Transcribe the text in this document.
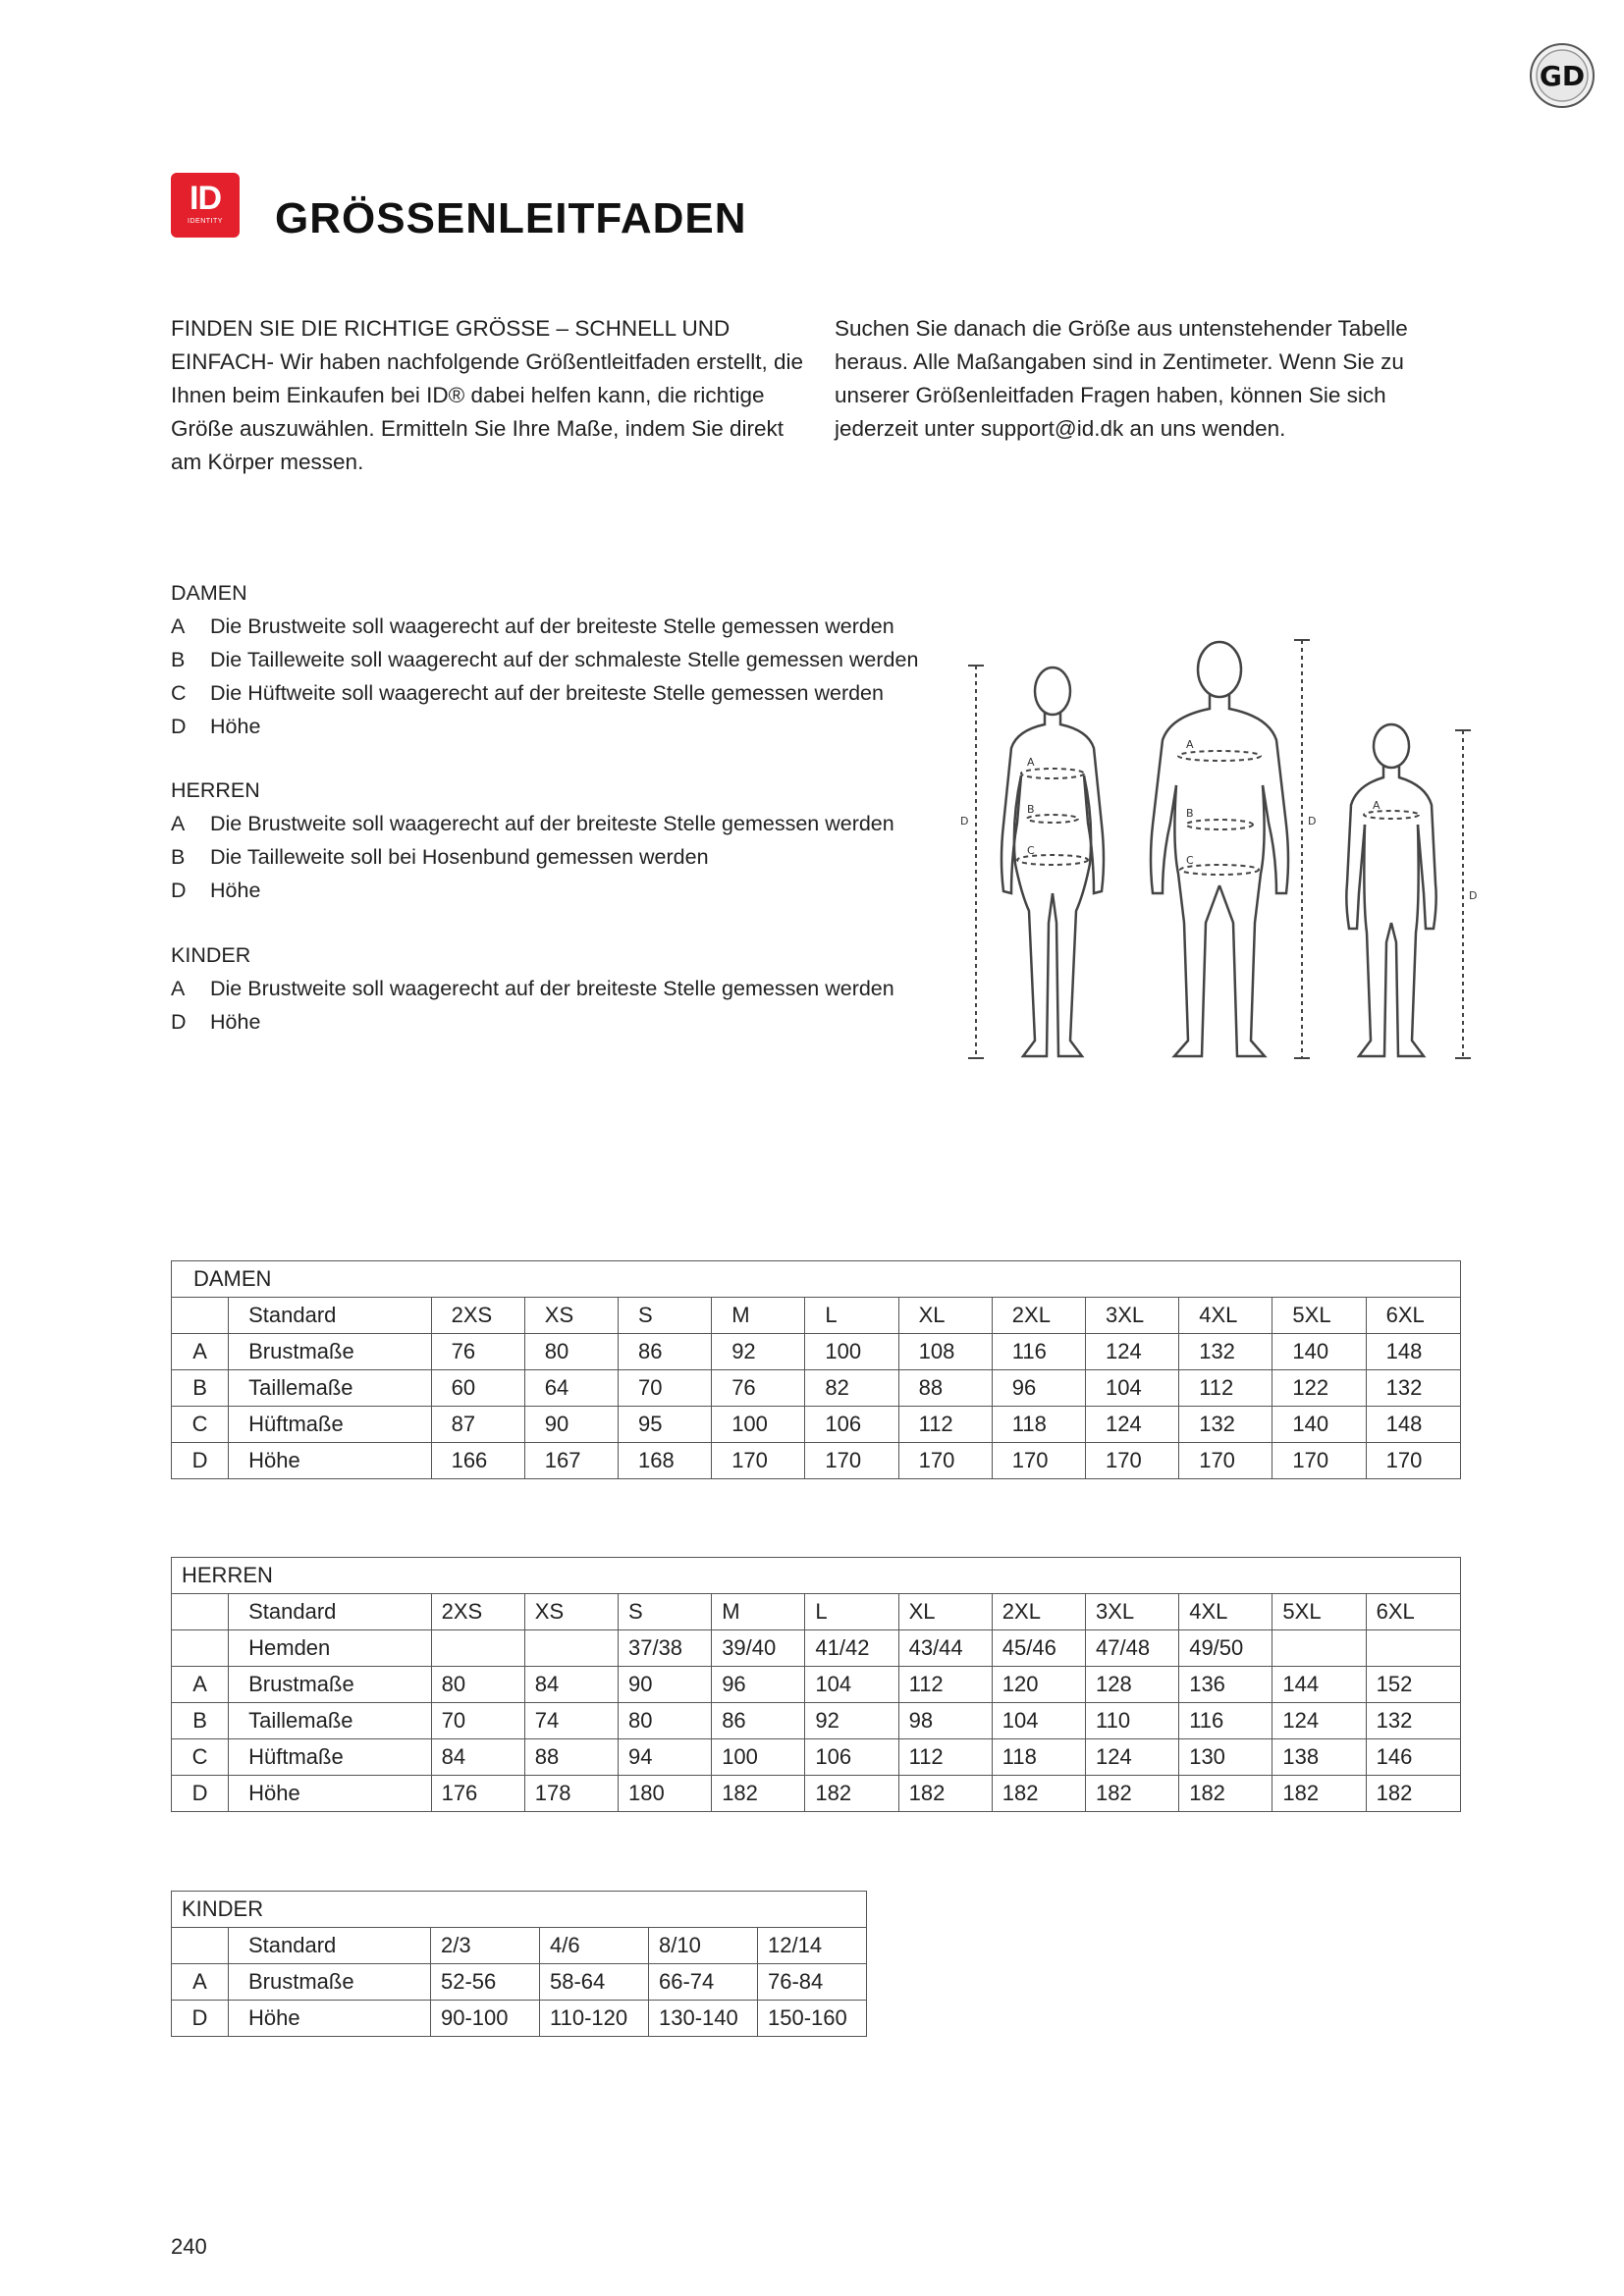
GD
ID
IDENTITY	GRÖSSENLEITFADEN
FINDEN SIE DIE RICHTIGE GRÖSSE – SCHNELL UND EINFACH- Wir haben nachfolgende Größentleitfaden erstellt, die Ihnen beim Einkaufen bei ID® dabei helfen kann, die richtige Größe auszuwählen. Ermitteln Sie Ihre Maße, indem Sie direkt am Körper messen.
Suchen Sie danach die Größe aus untenstehender Tabelle heraus. Alle Maßangaben sind in Zentimeter. Wenn Sie zu unserer Größenleitfaden Fragen haben, können Sie sich jederzeit unter support@id.dk an uns wenden.
DAMEN
A	Die Brustweite soll waagerecht auf der breiteste Stelle gemessen werden
B	Die Tailleweite soll waagerecht auf der schmaleste Stelle gemessen werden
C	Die Hüftweite soll waagerecht auf der breiteste Stelle gemessen werden
D	Höhe
HERREN
A	Die Brustweite soll waagerecht auf der breiteste Stelle gemessen werden
B	Die Tailleweite soll bei Hosenbund gemessen werden
D	Höhe
KINDER
A	Die Brustweite soll waagerecht auf der breiteste Stelle gemessen werden
D	Höhe
A
B
C
D
A
B
C
D
A
D
DAMEN												
	Standard	2XS	XS	S	M	L	XL	2XL	3XL	4XL	5XL	6XL
A	Brustmaße	76	80	86	92	100	108	116	124	132	140	148
B	Taillemaße	60	64	70	76	82	88	96	104	112	122	132
C	Hüftmaße	87	90	95	100	106	112	118	124	132	140	148
D	Höhe	166	167	168	170	170	170	170	170	170	170	170
HERREN												
	Standard	2XS	XS	S	M	L	XL	2XL	3XL	4XL	5XL	6XL
	Hemden			37/38	39/40	41/42	43/44	45/46	47/48	49/50		
A	Brustmaße	80	84	90	96	104	112	120	128	136	144	152
B	Taillemaße	70	74	80	86	92	98	104	110	116	124	132
C	Hüftmaße	84	88	94	100	106	112	118	124	130	138	146
D	Höhe	176	178	180	182	182	182	182	182	182	182	182
KINDER					
	Standard	2/3	4/6	8/10	12/14
A	Brustmaße	52-56	58-64	66-74	76-84
D	Höhe	90-100	110-120	130-140	150-160
240
